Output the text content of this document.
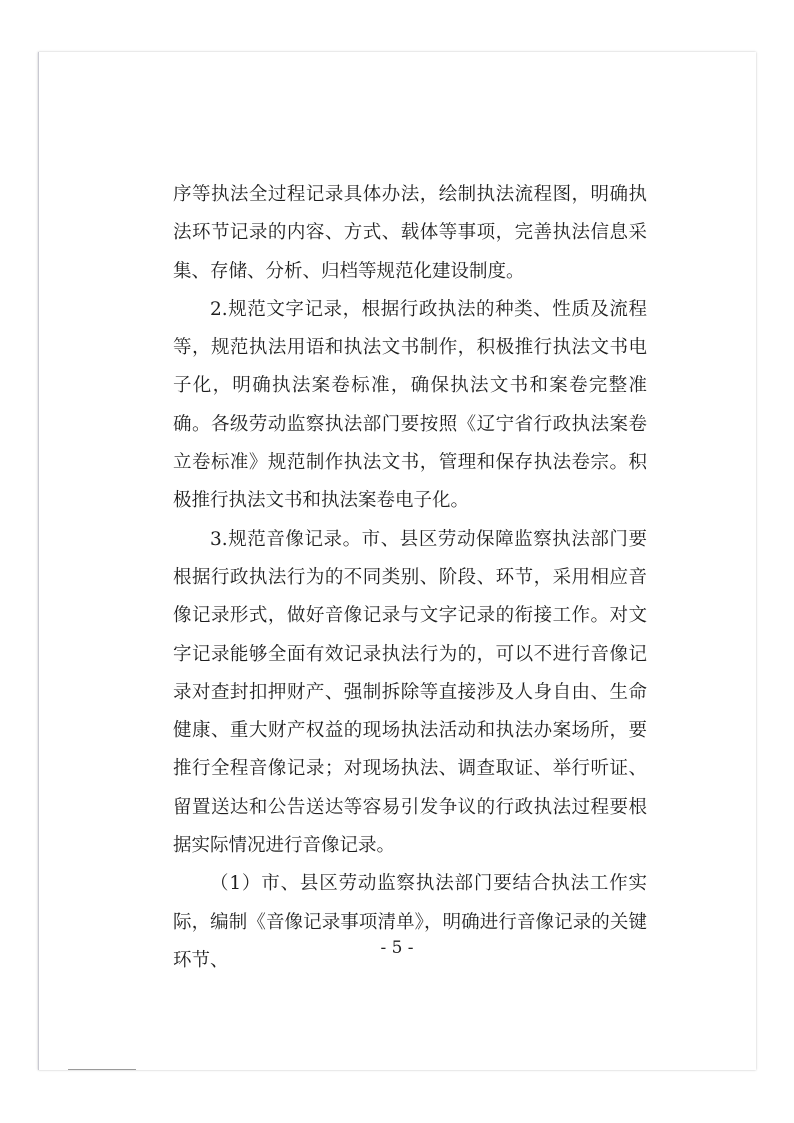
序等执法全过程记录具体办法，绘制执法流程图，明确执法环节记录的内容、方式、载体等事项，完善执法信息采集、存储、分析、归档等规范化建设制度。

2.规范文字记录，根据行政执法的种类、性质及流程等，规范执法用语和执法文书制作，积极推行执法文书电子化，明确执法案卷标准，确保执法文书和案卷完整准确。各级劳动监察执法部门要按照《辽宁省行政执法案卷立卷标准》规范制作执法文书，管理和保存执法卷宗。积极推行执法文书和执法案卷电子化。

3.规范音像记录。市、县区劳动保障监察执法部门要根据行政执法行为的不同类别、阶段、环节，采用相应音像记录形式，做好音像记录与文字记录的衔接工作。对文字记录能够全面有效记录执法行为的，可以不进行音像记录对查封扣押财产、强制拆除等直接涉及人身自由、生命健康、重大财产权益的现场执法活动和执法办案场所，要推行全程音像记录；对现场执法、调查取证、举行听证、留置送达和公告送达等容易引发争议的行政执法过程要根据实际情况进行音像记录。

（1）市、县区劳动监察执法部门要结合执法工作实际，编制《音像记录事项清单》，明确进行音像记录的关键环节、

- 5 -
